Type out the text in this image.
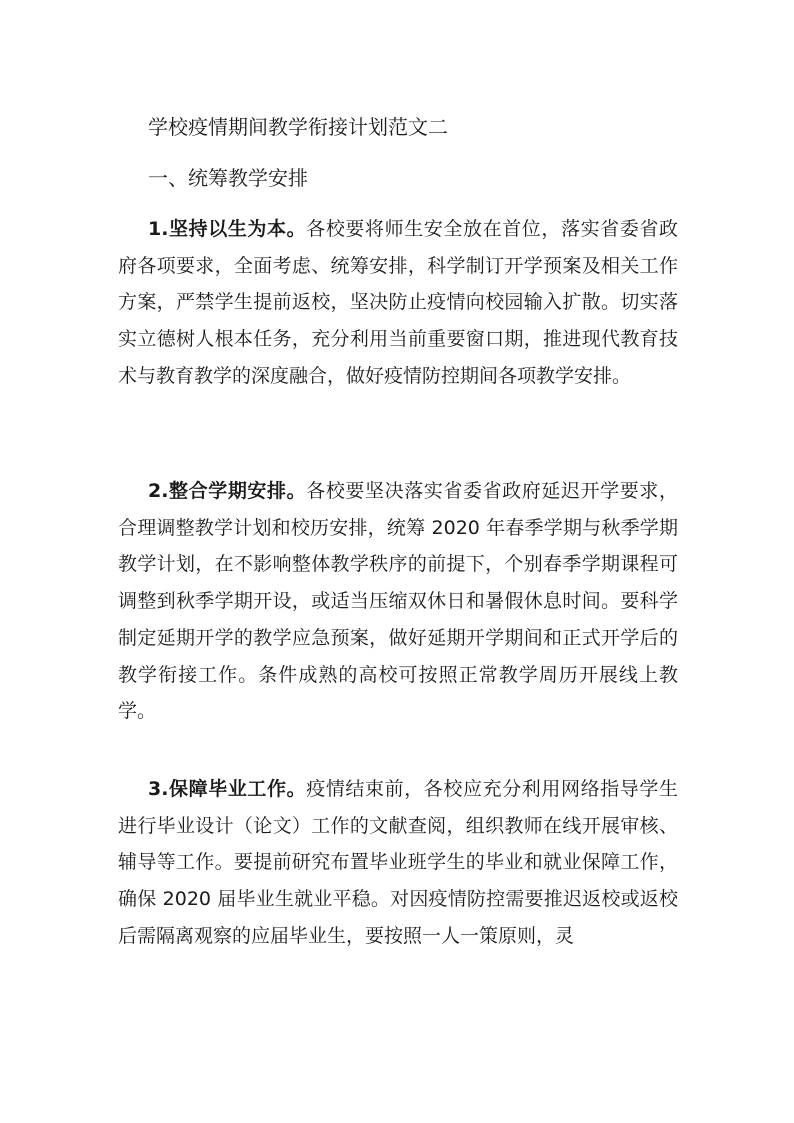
学校疫情期间教学衔接计划范文二
一、统筹教学安排

1.坚持以生为本。各校要将师生安全放在首位，落实省委省政府各项要求，全面考虑、统筹安排，科学制订开学预案及相关工作方案，严禁学生提前返校，坚决防止疫情向校园输入扩散。切实落实立德树人根本任务，充分利用当前重要窗口期，推进现代教育技术与教育教学的深度融合，做好疫情防控期间各项教学安排。

2.整合学期安排。各校要坚决落实省委省政府延迟开学要求，合理调整教学计划和校历安排，统筹 2020 年春季学期与秋季学期教学计划，在不影响整体教学秩序的前提下，个别春季学期课程可调整到秋季学期开设，或适当压缩双休日和暑假休息时间。要科学制定延期开学的教学应急预案，做好延期开学期间和正式开学后的教学衔接工作。条件成熟的高校可按照正常教学周历开展线上教学。

3.保障毕业工作。疫情结束前，各校应充分利用网络指导学生进行毕业设计（论文）工作的文献查阅，组织教师在线开展审核、辅导等工作。要提前研究布置毕业班学生的毕业和就业保障工作，确保 2020 届毕业生就业平稳。对因疫情防控需要推迟返校或返校后需隔离观察的应届毕业生，要按照一人一策原则，灵
